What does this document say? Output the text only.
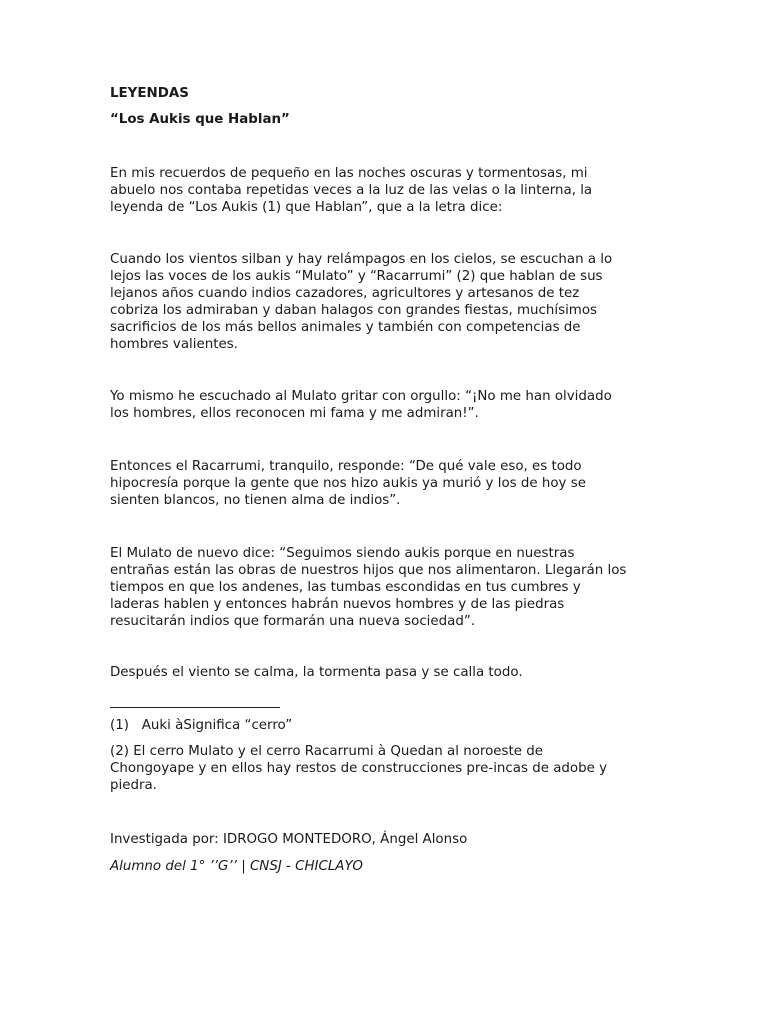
LEYENDAS
“Los Aukis que Hablan”

En mis recuerdos de pequeño en las noches oscuras y tormentosas, mi

abuelo nos contaba repetidas veces a la luz de las velas o la linterna, la

leyenda de “Los Aukis (1) que Hablan”, que a la letra dice:

Cuando los vientos silban y hay relámpagos en los cielos, se escuchan a lo

lejos las voces de los aukis “Mulato” y “Racarrumi” (2) que hablan de sus

lejanos años cuando indios cazadores, agricultores y artesanos de tez

cobriza los admiraban y daban halagos con grandes fiestas, muchísimos

sacrificios de los más bellos animales y también con competencias de

hombres valientes.

Yo mismo he escuchado al Mulato gritar con orgullo: “¡No me han olvidado

los hombres, ellos reconocen mi fama y me admiran!”.

Entonces el Racarrumi, tranquilo, responde: “De qué vale eso, es todo

hipocresía porque la gente que nos hizo aukis ya murió y los de hoy se

sienten blancos, no tienen alma de indios”.

El Mulato de nuevo dice: “Seguimos siendo aukis porque en nuestras

entrañas están las obras de nuestros hijos que nos alimentaron. Llegarán los

tiempos en que los andenes, las tumbas escondidas en tus cumbres y

laderas hablen y entonces habrán nuevos hombres y de las piedras

resucitarán indios que formarán una nueva sociedad”.

Después el viento se calma, la tormenta pasa y se calla todo.

(1)   Auki àSignifica “cerro”

(2) El cerro Mulato y el cerro Racarrumi à Quedan al noroeste de

Chongoyape y en ellos hay restos de construcciones pre-incas de adobe y

piedra.

Investigada por: IDROGO MONTEDORO, Ángel Alonso
Alumno del 1° ’’G’’ | CNSJ - CHICLAYO
